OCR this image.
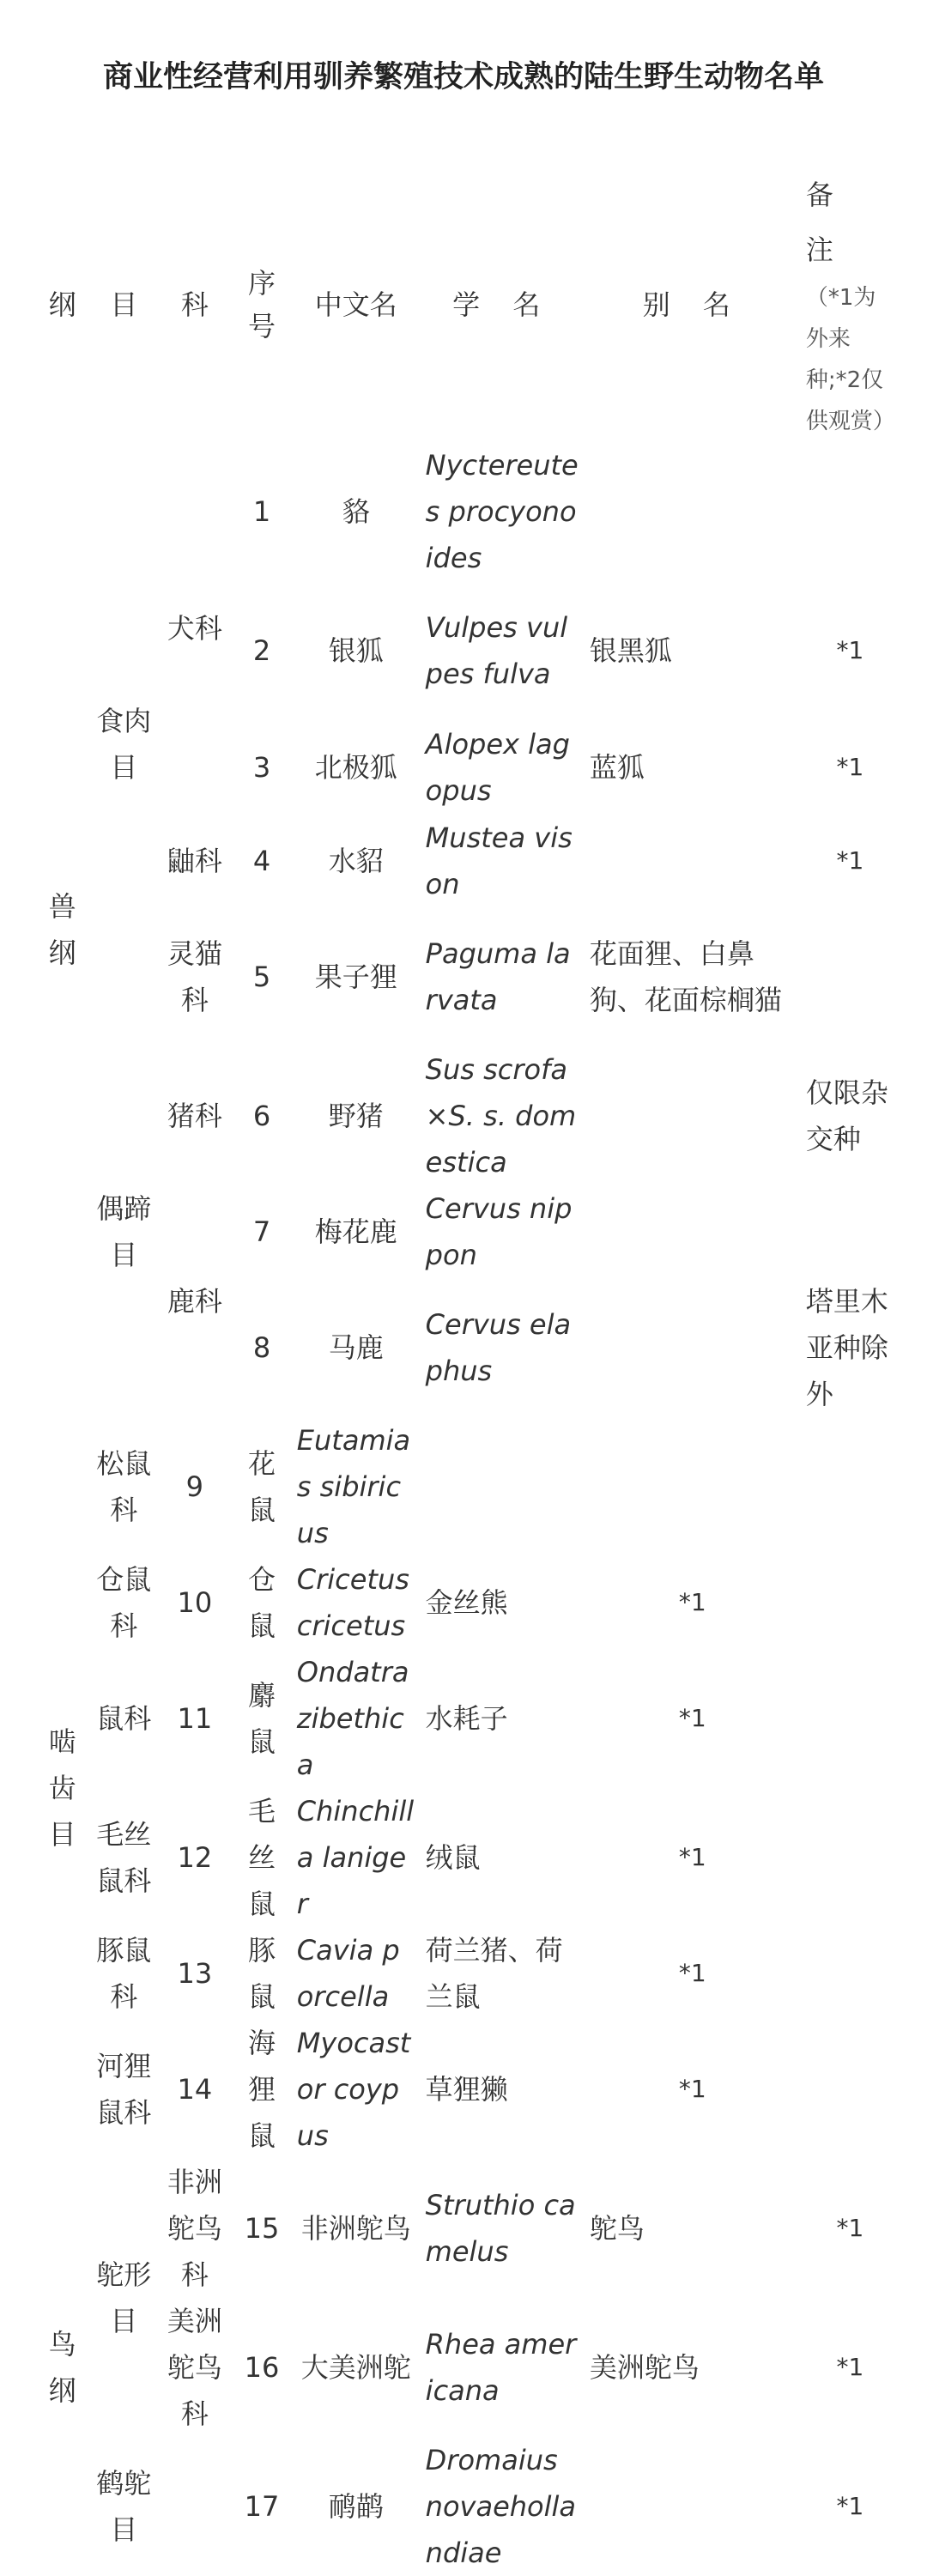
商业性经营利用驯养繁殖技术成熟的陆生野生动物名单
纲	目	科	序号	中文名	学 名	别 名	备 注
（*1为外来种;*2仅供观赏）

兽纲	食肉目	犬科	1	貉	Nyctereutes procyonoides		
			2	银狐	Vulpes vulpes fulva	银黑狐	*1
			3	北极狐	Alopex lagopus	蓝狐	*1
		鼬科	4	水貂	Mustea vison		*1
		灵猫科	5	果子狸	Paguma larvata	花面狸、白鼻狗、花面棕榈猫	
	偶蹄目	猪科	6	野猪	Sus scrofa×S. s. domestica		仅限杂交种
		鹿科	7	梅花鹿	Cervus nippon		
			8	马鹿	Cervus elaphus		塔里木亚种除外
啮齿目	松鼠科	9	花鼠	Eutamias sibiricus			
	仓鼠科	10	仓鼠	Cricetus cricetus	金丝熊	*1	
	鼠科	11	麝鼠	Ondatra zibethica	水耗子	*1	
	毛丝鼠科	12	毛丝鼠	Chinchilla laniger	绒鼠	*1	
	豚鼠科	13	豚鼠	Cavia porcella	荷兰猪、荷兰鼠	*1	
	河狸鼠科	14	海狸鼠	Myocastor coypus	草狸獭	*1	
鸟纲	鸵形目	非洲鸵鸟科	15	非洲鸵鸟	Struthio camelus	鸵鸟	*1
		美洲鸵鸟科	16	大美洲鸵	Rhea americana	美洲鸵鸟	*1
	鹤鸵目		17	鸸鹋	Dromaius novaehollandiae		*1
